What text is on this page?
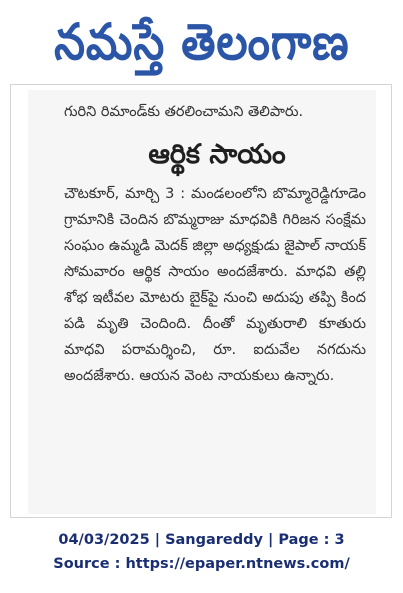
నమస్తే తెలంగాణ

గురిని రిమాండ్‌కు తరలించామని తెలిపారు.

ఆర్థిక సాయం

చౌటకూర్, మార్చి 3 : మండలంలోని బొమ్మారెడ్డిగూడెం గ్రామానికి చెందిన బొమ్మరాజు మాధవికి గిరిజన సంక్షేమ సంఘం ఉమ్మడి మెదక్ జిల్లా అధ్యక్షుడు జైపాల్ నాయక్ సోమవారం ఆర్థిక సాయం అందజేశారు. మాధవి తల్లి శోభ ఇటీవల మోటరు బైక్‌పై నుంచి అదుపు తప్పి కింద పడి మృతి చెందింది. దీంతో మృతురాలి కూతురు మాధవి పరామర్శించి, రూ. ఐదువేల నగదును అందజేశారు. ఆయన వెంట నాయకులు ఉన్నారు.

04/03/2025 | Sangareddy | Page : 3
Source : https://epaper.ntnews.com/
